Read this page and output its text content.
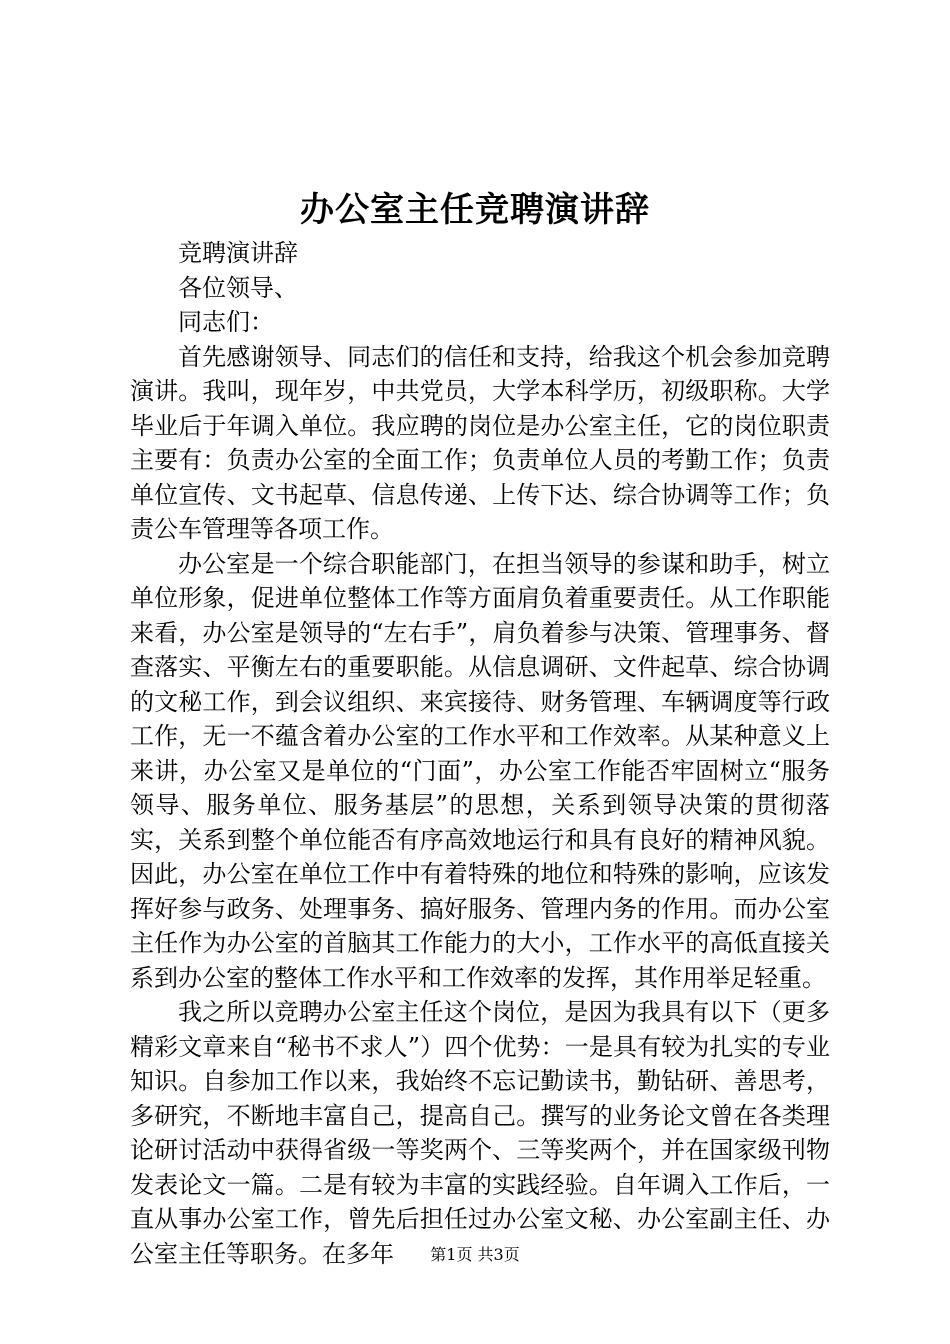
办公室主任竞聘演讲辞

竞聘演讲辞

各位领导、

同志们：

首先感谢领导、同志们的信任和支持，给我这个机会参加竞聘演讲。我叫，现年岁，中共党员，大学本科学历，初级职称。大学毕业后于年调入单位。我应聘的岗位是办公室主任，它的岗位职责主要有：负责办公室的全面工作；负责单位人员的考勤工作；负责单位宣传、文书起草、信息传递、上传下达、综合协调等工作；负责公车管理等各项工作。

办公室是一个综合职能部门，在担当领导的参谋和助手，树立单位形象，促进单位整体工作等方面肩负着重要责任。从工作职能来看，办公室是领导的“左右手”，肩负着参与决策、管理事务、督查落实、平衡左右的重要职能。从信息调研、文件起草、综合协调的文秘工作，到会议组织、来宾接待、财务管理、车辆调度等行政工作，无一不蕴含着办公室的工作水平和工作效率。从某种意义上来讲，办公室又是单位的“门面”，办公室工作能否牢固树立“服务领导、服务单位、服务基层”的思想，关系到领导决策的贯彻落实，关系到整个单位能否有序高效地运行和具有良好的精神风貌。因此，办公室在单位工作中有着特殊的地位和特殊的影响，应该发挥好参与政务、处理事务、搞好服务、管理内务的作用。而办公室主任作为办公室的首脑其工作能力的大小，工作水平的高低直接关系到办公室的整体工作水平和工作效率的发挥，其作用举足轻重。

我之所以竞聘办公室主任这个岗位，是因为我具有以下（更多精彩文章来自“秘书不求人”）四个优势：一是具有较为扎实的专业知识。自参加工作以来，我始终不忘记勤读书，勤钻研、善思考，多研究，不断地丰富自己，提高自己。撰写的业务论文曾在各类理论研讨活动中获得省级一等奖两个、三等奖两个，并在国家级刊物发表论文一篇。二是有较为丰富的实践经验。自年调入工作后，一直从事办公室工作，曾先后担任过办公室文秘、办公室副主任、办公室主任等职务。在多年	第1页 共3页
